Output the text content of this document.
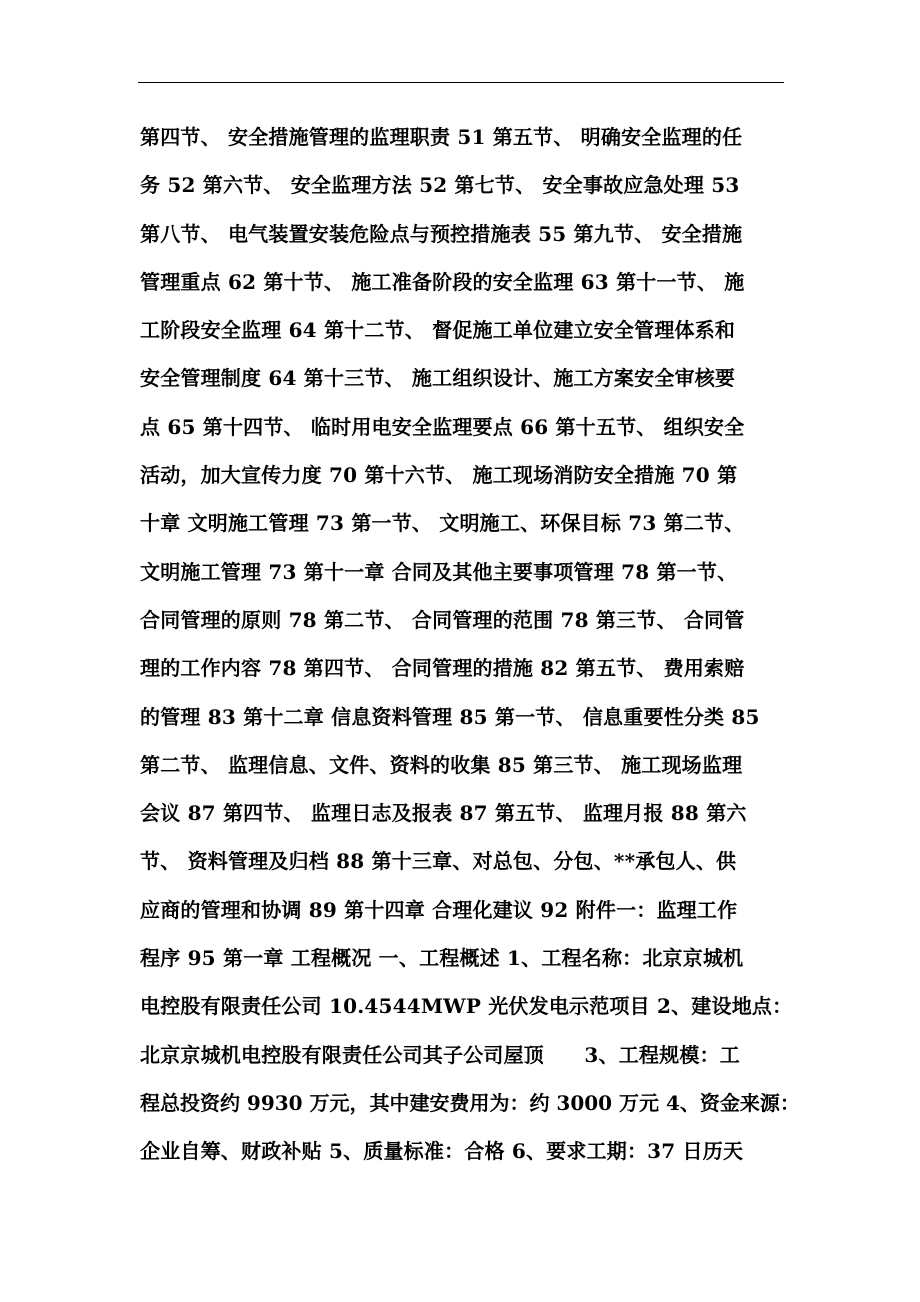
第四节、 安全措施管理的监理职责 51 第五节、 明确安全监理的任
务 52 第六节、 安全监理方法 52 第七节、 安全事故应急处理 53
第八节、 电气装置安装危险点与预控措施表 55 第九节、 安全措施
管理重点 62 第十节、 施工准备阶段的安全监理 63 第十一节、 施
工阶段安全监理 64 第十二节、 督促施工单位建立安全管理体系和
安全管理制度 64 第十三节、 施工组织设计、施工方案安全审核要
点 65 第十四节、 临时用电安全监理要点 66 第十五节、 组织安全
活动，加大宣传力度 70 第十六节、 施工现场消防安全措施 70 第
十章 文明施工管理 73 第一节、 文明施工、环保目标 73 第二节、
文明施工管理 73 第十一章 合同及其他主要事项管理 78 第一节、
合同管理的原则 78 第二节、 合同管理的范围 78 第三节、 合同管
理的工作内容 78 第四节、 合同管理的措施 82 第五节、 费用索赔
的管理 83 第十二章 信息资料管理 85 第一节、 信息重要性分类 85
第二节、 监理信息、文件、资料的收集 85 第三节、 施工现场监理
会议 87 第四节、 监理日志及报表 87 第五节、 监理月报 88 第六
节、 资料管理及归档 88 第十三章、对总包、分包、**承包人、供
应商的管理和协调 89 第十四章 合理化建议 92 附件一：监理工作
程序 95 第一章 工程概况 一、工程概述 1、工程名称：北京京城机
电控股有限责任公司 10.4544MWP 光伏发电示范项目 2、建设地点：
北京京城机电控股有限责任公司其子公司屋顶　　3、工程规模：工
程总投资约 9930 万元，其中建安费用为：约 3000 万元 4、资金来源：
企业自筹、财政补贴 5、质量标准：合格 6、要求工期：37 日历天
